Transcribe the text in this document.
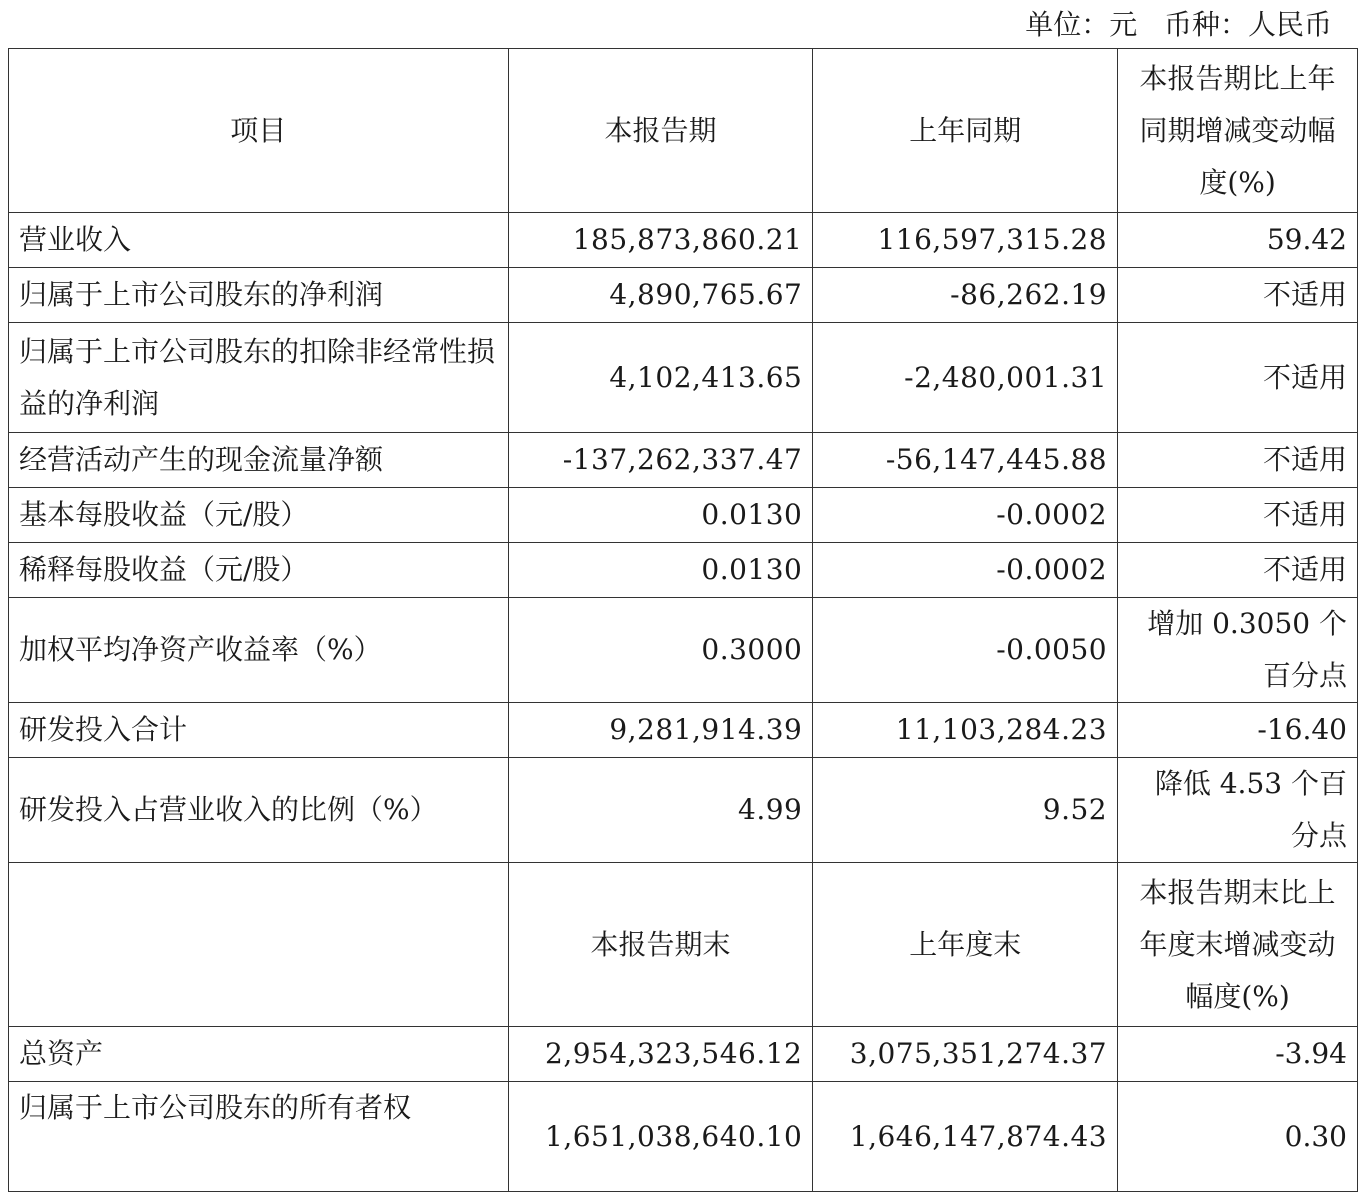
单位：元   币种：人民币
项目	本报告期	上年同期	本报告期比上年同期增减变动幅度(%)
营业收入	185,873,860.21	116,597,315.28	59.42
归属于上市公司股东的净利润	4,890,765.67	-86,262.19	不适用
归属于上市公司股东的扣除非经常性损益的净利润	4,102,413.65	-2,480,001.31	不适用
经营活动产生的现金流量净额	-137,262,337.47	-56,147,445.88	不适用
基本每股收益（元/股）	0.0130	-0.0002	不适用
稀释每股收益（元/股）	0.0130	-0.0002	不适用
加权平均净资产收益率（%）	0.3000	-0.0050	增加 0.3050 个百分点
研发投入合计	9,281,914.39	11,103,284.23	-16.40
研发投入占营业收入的比例（%）	4.99	9.52	降低 4.53 个百分点
	本报告期末	上年度末	本报告期末比上年度末增减变动幅度(%)
总资产	2,954,323,546.12	3,075,351,274.37	-3.94
归属于上市公司股东的所有者权	1,651,038,640.10	1,646,147,874.43	0.30
